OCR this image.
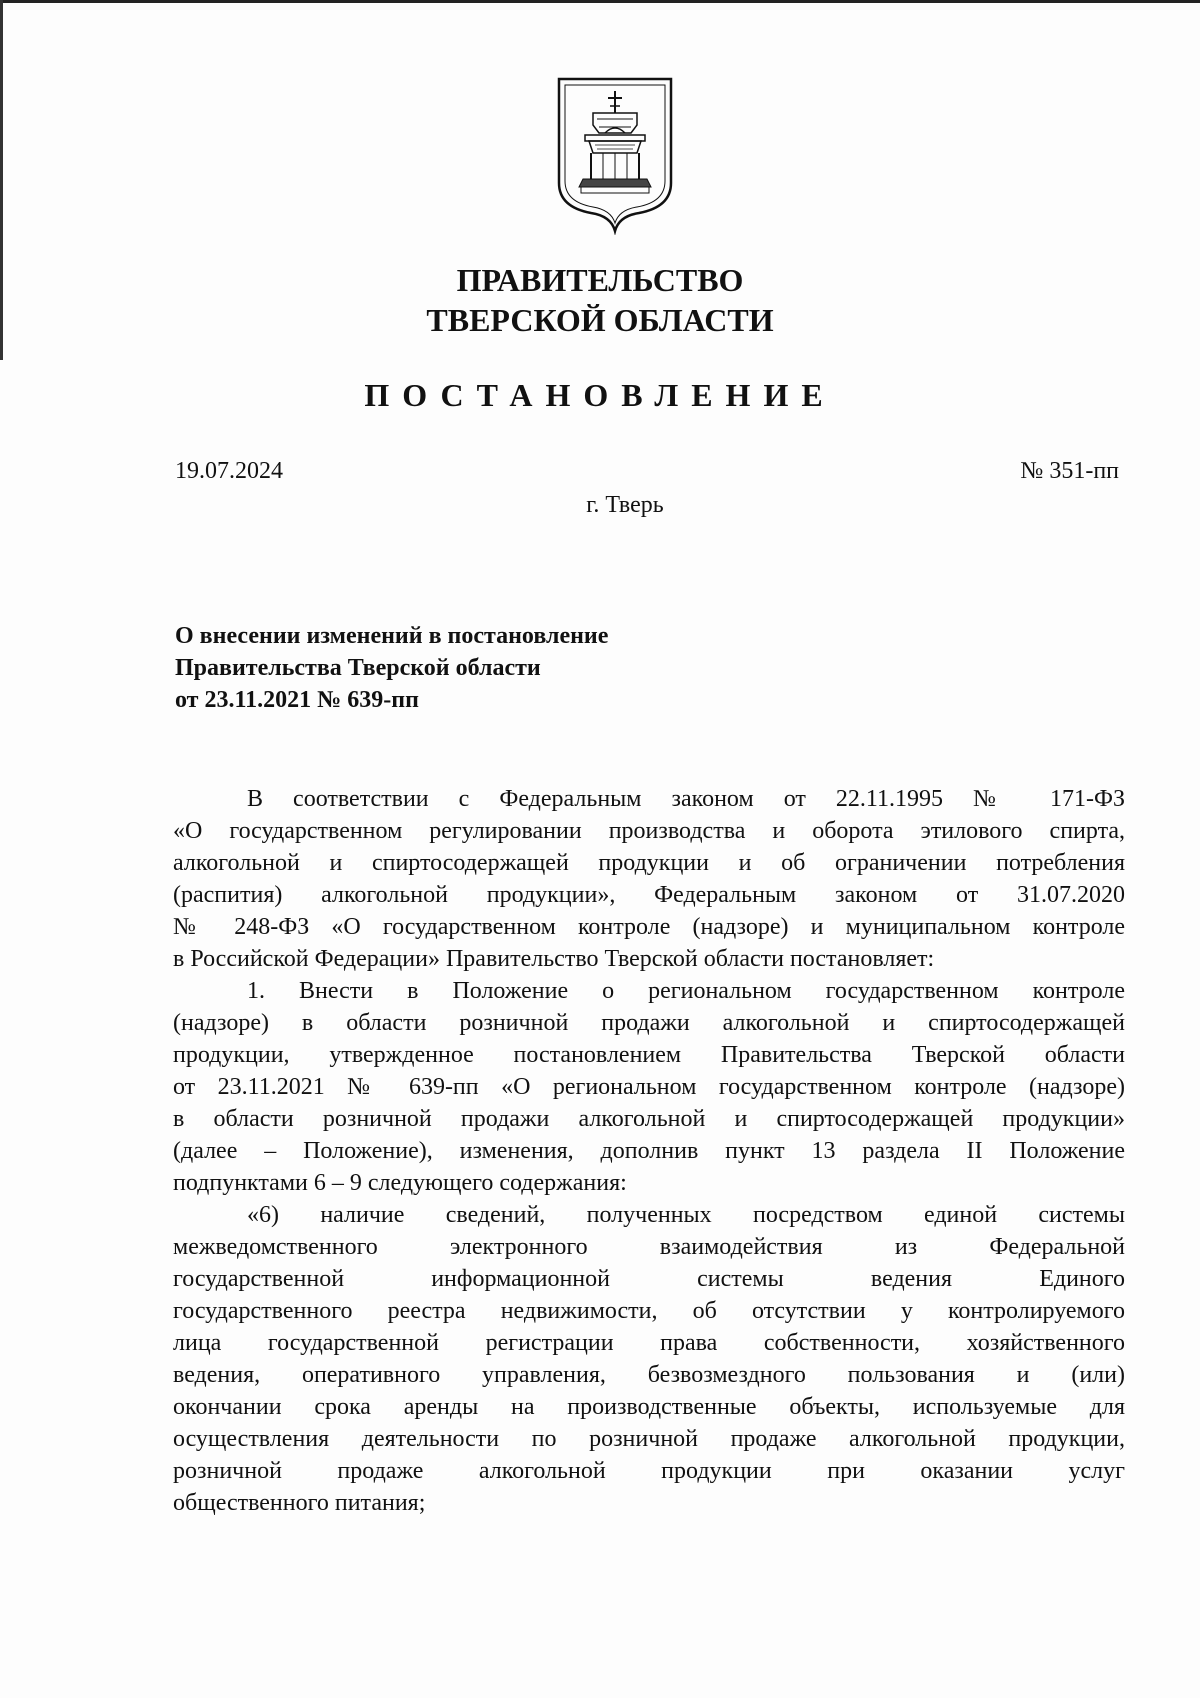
ПРАВИТЕЛЬСТВО
ТВЕРСКОЙ ОБЛАСТИ
ПОСТАНОВЛЕНИЕ
19.07.2024	№ 351-пп
г. Тверь
О внесении изменений в постановление
Правительства Тверской области
от 23.11.2021 № 639-пп
В соответствии с Федеральным законом от 22.11.1995 № 171-ФЗ
«О государственном регулировании производства и оборота этилового спирта,
алкогольной и спиртосодержащей продукции и об ограничении потребления
(распития) алкогольной продукции», Федеральным законом от 31.07.2020
№ 248-ФЗ «О государственном контроле (надзоре) и муниципальном контроле
в Российской Федерации» Правительство Тверской области постановляет:
1. Внести в Положение о региональном государственном контроле
(надзоре) в области розничной продажи алкогольной и спиртосодержащей
продукции, утвержденное постановлением Правительства Тверской области
от 23.11.2021 № 639-пп «О региональном государственном контроле (надзоре)
в области розничной продажи алкогольной и спиртосодержащей продукции»
(далее – Положение), изменения, дополнив пункт 13 раздела II Положение
подпунктами 6 – 9 следующего содержания:
«6) наличие сведений, полученных посредством единой системы
межведомственного электронного взаимодействия из Федеральной
государственной информационной системы ведения Единого
государственного реестра недвижимости, об отсутствии у контролируемого
лица государственной регистрации права собственности, хозяйственного
ведения, оперативного управления, безвозмездного пользования и (или)
окончании срока аренды на производственные объекты, используемые для
осуществления деятельности по розничной продаже алкогольной продукции,
розничной продаже алкогольной продукции при оказании услуг
общественного питания;
